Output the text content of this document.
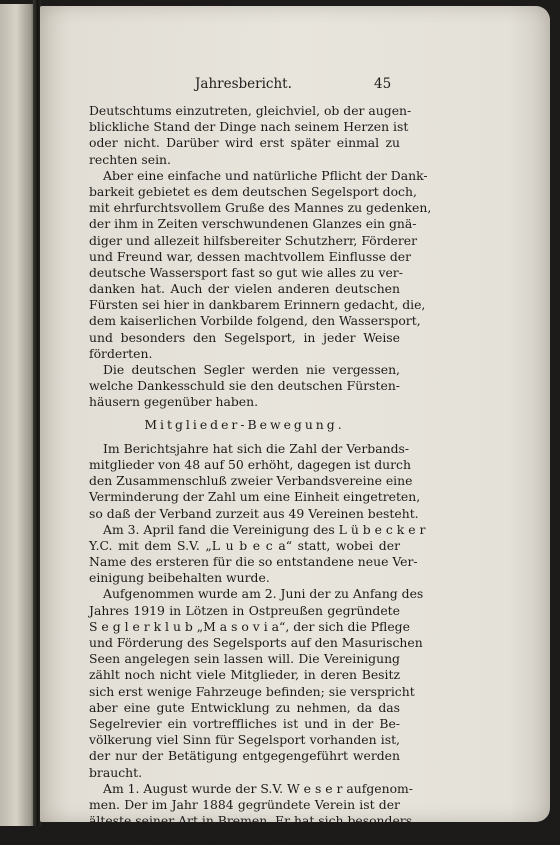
Jahresbericht.	45
Deutschtums einzutreten, gleichviel, ob der augen-
blickliche Stand der Dinge nach seinem Herzen ist
oder nicht. Darüber wird erst später einmal zu
rechten sein.
Aber eine einfache und natürliche Pflicht der Dank-
barkeit gebietet es dem deutschen Segelsport doch,
mit ehrfurchtsvollem Gruße des Mannes zu gedenken,
der ihm in Zeiten verschwundenen Glanzes ein gnä-
diger und allezeit hilfsbereiter Schutzherr, Förderer
und Freund war, dessen machtvollem Einflusse der
deutsche Wassersport fast so gut wie alles zu ver-
danken hat. Auch der vielen anderen deutschen
Fürsten sei hier in dankbarem Erinnern gedacht, die,
dem kaiserlichen Vorbilde folgend, den Wassersport,
und besonders den Segelsport, in jeder Weise
förderten.
Die deutschen Segler werden nie vergessen,
welche Dankesschuld sie den deutschen Fürsten-
häusern gegenüber haben.
Mitglieder-Bewegung.
Im Berichtsjahre hat sich die Zahl der Verbands-
mitglieder von 48 auf 50 erhöht, dagegen ist durch
den Zusammenschluß zweier Verbandsvereine eine
Verminderung der Zahl um eine Einheit eingetreten,
so daß der Verband zurzeit aus 49 Vereinen besteht.
Am 3. April fand die Vereinigung des L ü b e c k e r
Y.C. mit dem S.V. „L u b e c a“ statt, wobei der
Name des ersteren für die so entstandene neue Ver-
einigung beibehalten wurde.
Aufgenommen wurde am 2. Juni der zu Anfang des
Jahres 1919 in Lötzen in Ostpreußen gegründete
S e g l e r k l u b „M a s o v i a“, der sich die Pflege
und Förderung des Segelsports auf den Masurischen
Seen angelegen sein lassen will. Die Vereinigung
zählt noch nicht viele Mitglieder, in deren Besitz
sich erst wenige Fahrzeuge befinden; sie verspricht
aber eine gute Entwicklung zu nehmen, da das
Segelrevier ein vortreffliches ist und in der Be-
völkerung viel Sinn für Segelsport vorhanden ist,
der nur der Betätigung entgegengeführt werden
braucht.
Am 1. August wurde der S.V. W e s e r aufgenom-
men. Der im Jahr 1884 gegründete Verein ist der
älteste seiner Art in Bremen. Er hat sich besonders
der Pflege der Segelei auf der Weser oberhalb
